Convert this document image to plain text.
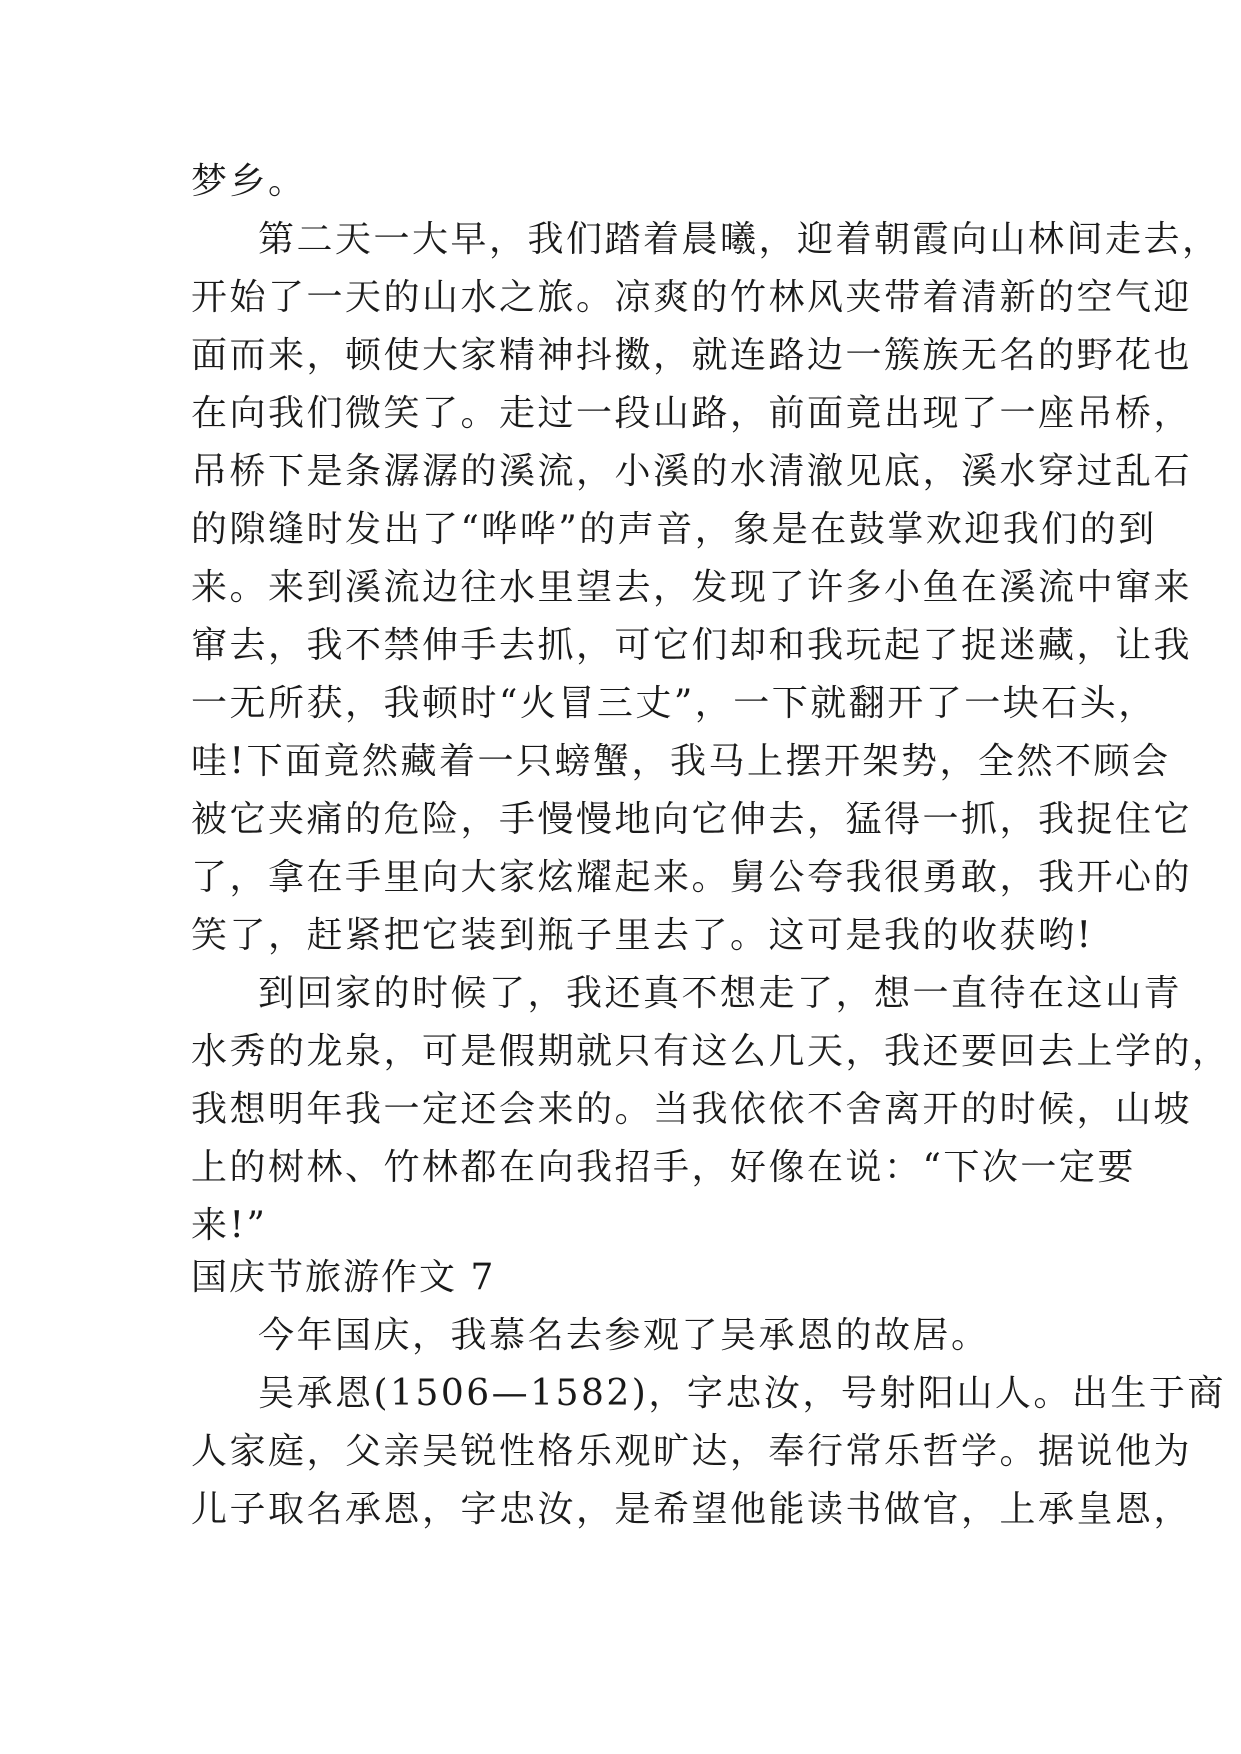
梦乡。
第二天一大早，我们踏着晨曦，迎着朝霞向山林间走去，
开始了一天的山水之旅。凉爽的竹林风夹带着清新的空气迎
面而来，顿使大家精神抖擞，就连路边一簇族无名的野花也
在向我们微笑了。走过一段山路，前面竟出现了一座吊桥，
吊桥下是条潺潺的溪流，小溪的水清澈见底，溪水穿过乱石
的隙缝时发出了“哗哗”的声音，象是在鼓掌欢迎我们的到
来。来到溪流边往水里望去，发现了许多小鱼在溪流中窜来
窜去，我不禁伸手去抓，可它们却和我玩起了捉迷藏，让我
一无所获，我顿时“火冒三丈”，一下就翻开了一块石头，
哇!下面竟然藏着一只螃蟹，我马上摆开架势，全然不顾会
被它夹痛的危险，手慢慢地向它伸去，猛得一抓，我捉住它
了，拿在手里向大家炫耀起来。舅公夸我很勇敢，我开心的
笑了，赶紧把它装到瓶子里去了。这可是我的收获哟!
到回家的时候了，我还真不想走了，想一直待在这山青
水秀的龙泉，可是假期就只有这么几天，我还要回去上学的，
我想明年我一定还会来的。当我依依不舍离开的时候，山坡
上的树林、竹林都在向我招手，好像在说：“下次一定要
来!”
国庆节旅游作文 7
今年国庆，我慕名去参观了吴承恩的故居。
吴承恩(1506—1582)，字忠汝，号射阳山人。出生于商
人家庭，父亲吴锐性格乐观旷达，奉行常乐哲学。据说他为
儿子取名承恩，字忠汝，是希望他能读书做官，上承皇恩，
